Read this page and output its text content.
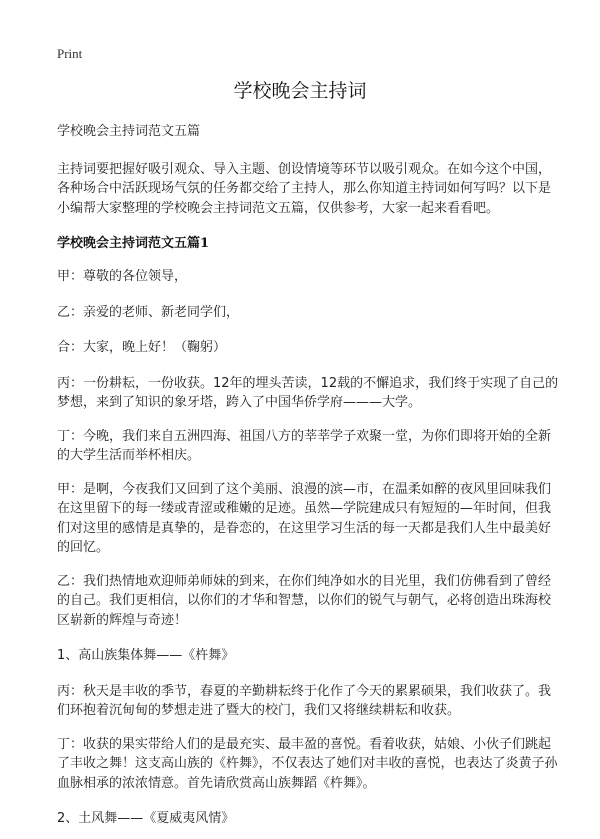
Print
学校晚会主持词

学校晚会主持词范文五篇

主持词要把握好吸引观众、导入主题、创设情境等环节以吸引观众。在如今这个中国，各种场合中活跃现场气氛的任务都交给了主持人，那么你知道主持词如何写吗？以下是小编帮大家整理的学校晚会主持词范文五篇，仅供参考，大家一起来看看吧。

学校晚会主持词范文五篇1

甲：尊敬的各位领导，

乙：亲爱的老师、新老同学们，

合：大家，晚上好！（鞠躬）

丙：一份耕耘，一份收获。12年的埋头苦读，12载的不懈追求，我们终于实现了自己的梦想，来到了知识的象牙塔，跨入了中国华侨学府———大学。

丁：今晚，我们来自五洲四海、祖国八方的莘莘学子欢聚一堂，为你们即将开始的全新的大学生活而举杯相庆。

甲：是啊，今夜我们又回到了这个美丽、浪漫的滨—市，在温柔如醉的夜风里回味我们在这里留下的每一缕或青涩或稚嫩的足迹。虽然—学院建成只有短短的—年时间，但我们对这里的感情是真挚的，是眷恋的，在这里学习生活的每一天都是我们人生中最美好的回忆。

乙：我们热情地欢迎师弟师妹的到来，在你们纯净如水的目光里，我们仿佛看到了曾经的自己。我们更相信，以你们的才华和智慧，以你们的锐气与朝气，必将创造出珠海校区崭新的辉煌与奇迹！

1、高山族集体舞——《杵舞》

丙：秋天是丰收的季节，春夏的辛勤耕耘终于化作了今天的累累硕果，我们收获了。我们环抱着沉甸甸的梦想走进了暨大的校门，我们又将继续耕耘和收获。

丁：收获的果实带给人们的是最充实、最丰盈的喜悦。看着收获，姑娘、小伙子们跳起了丰收之舞！这支高山族的《杵舞》，不仅表达了她们对丰收的喜悦，也表达了炎黄子孙血脉相承的浓浓情意。首先请欣赏高山族舞蹈《杵舞》。

2、土风舞——《夏威夷风情》
